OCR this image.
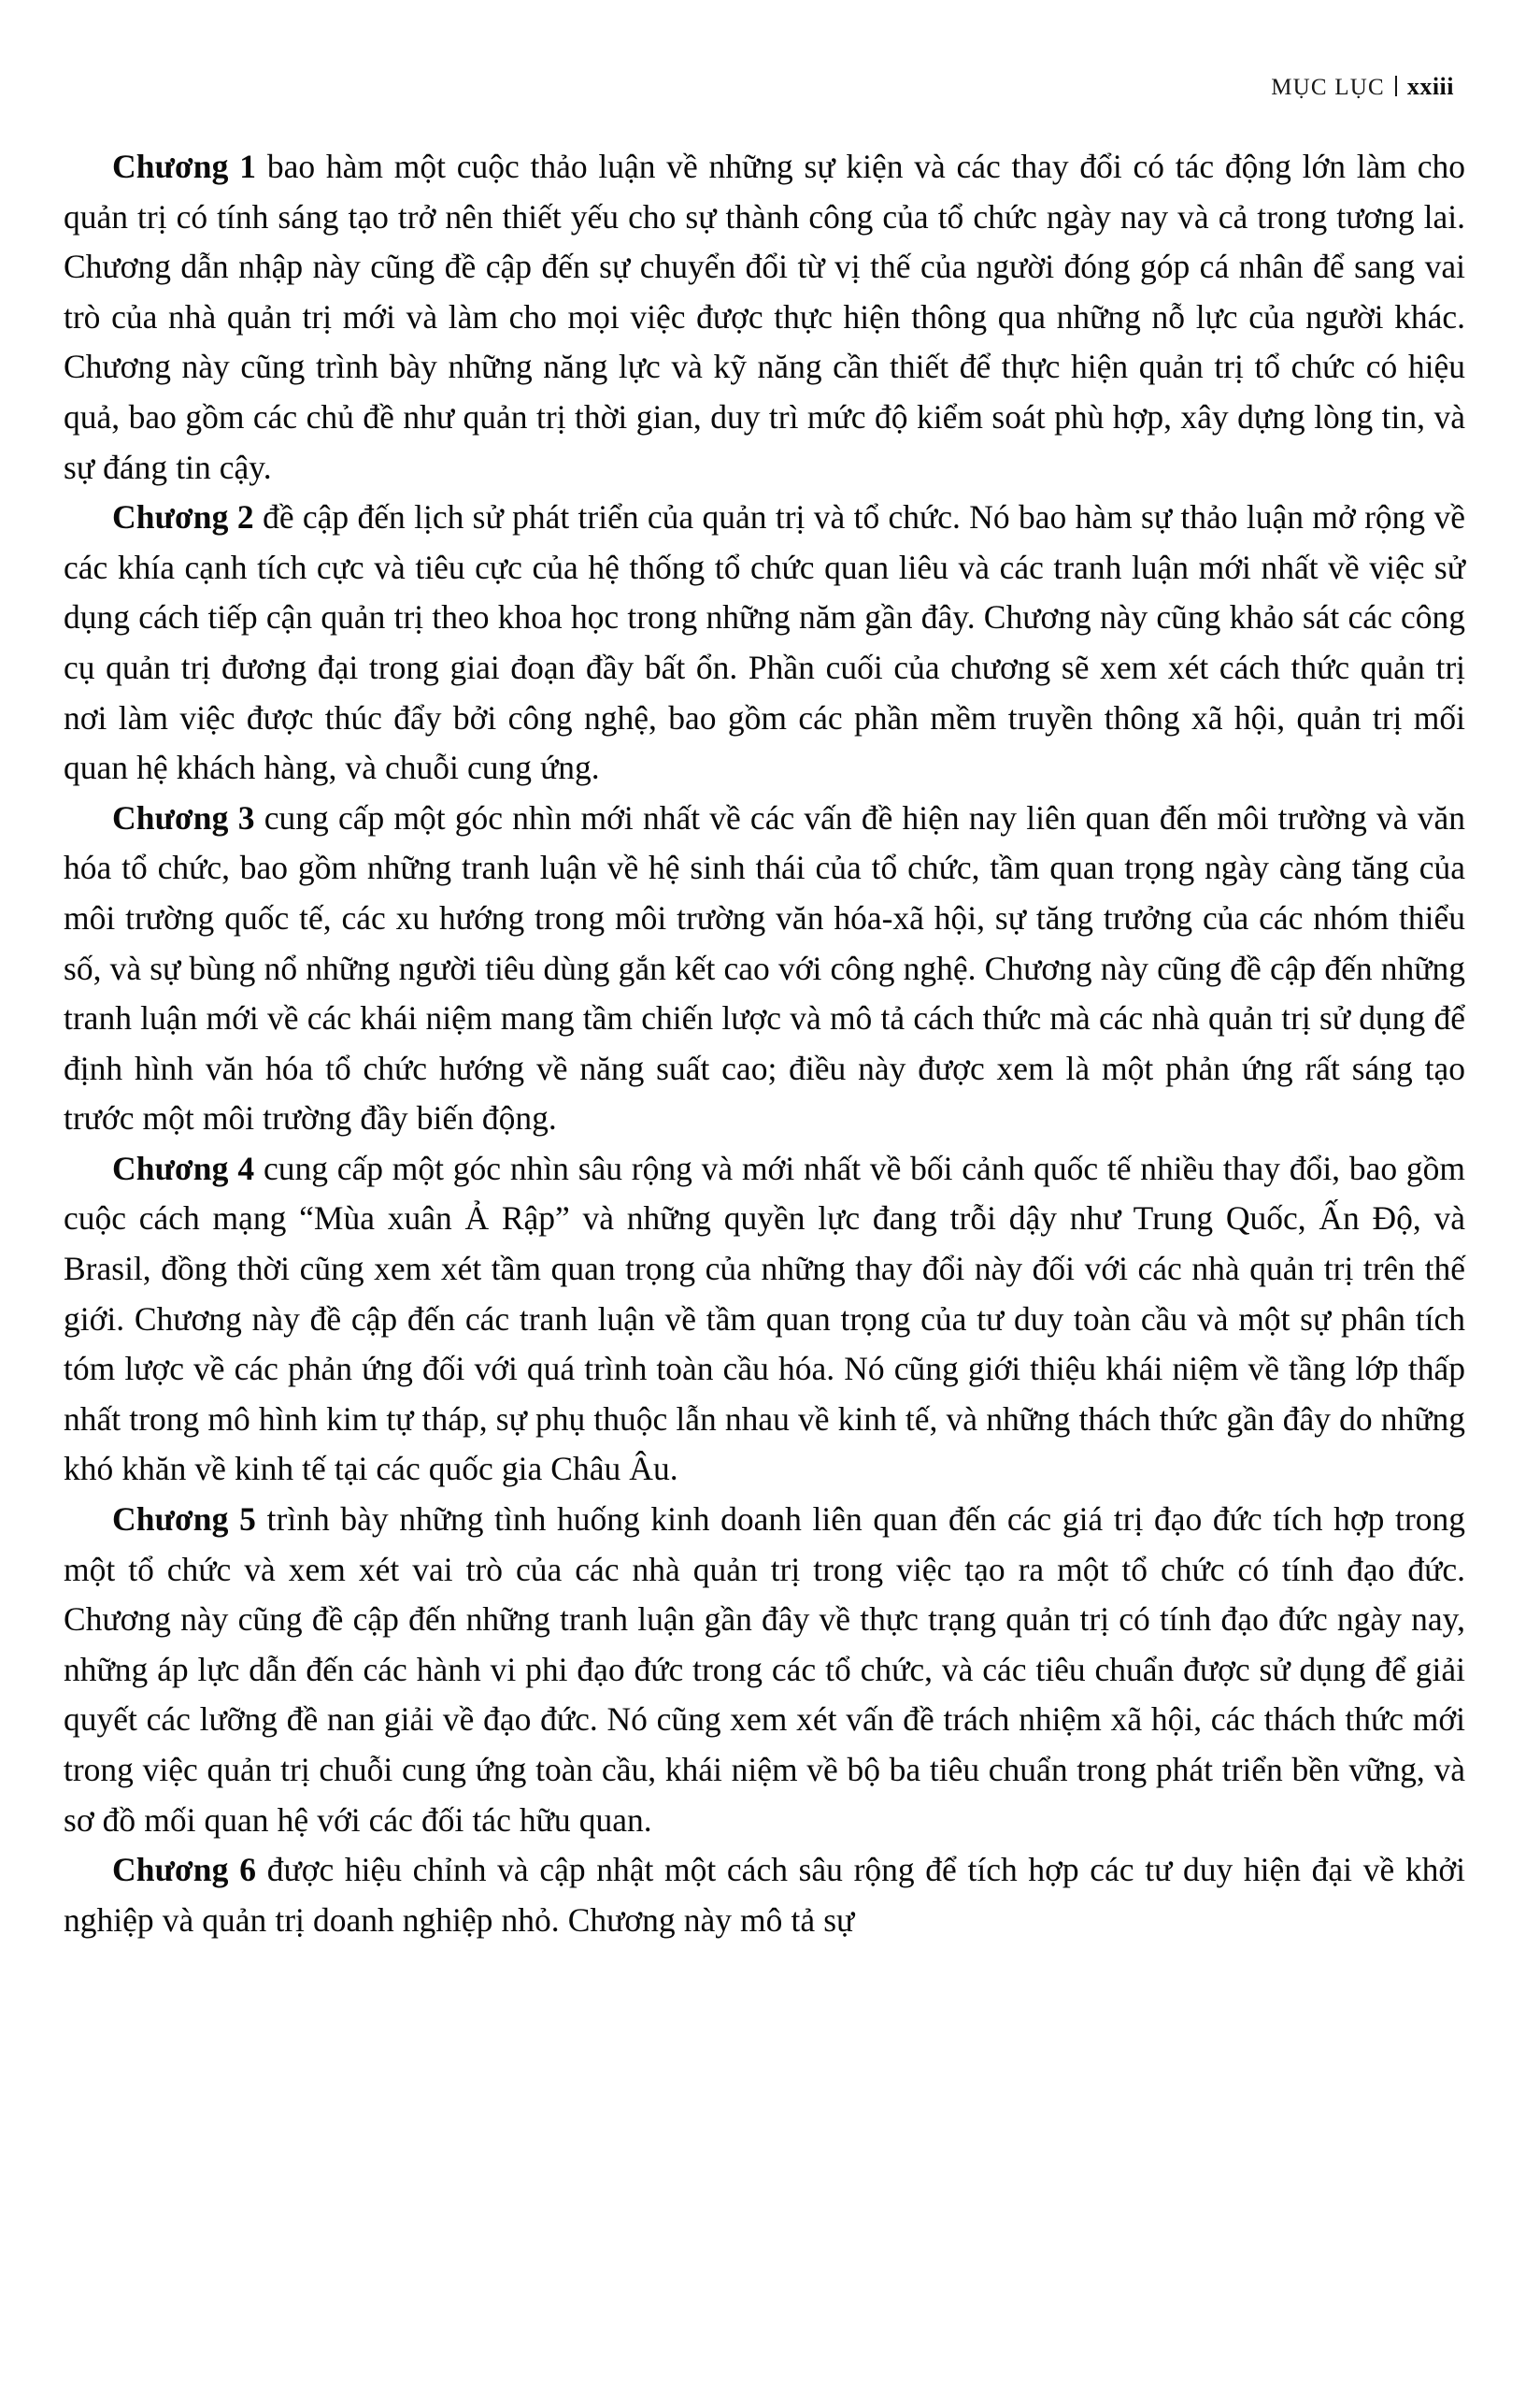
MỤC LỤC xxiii

Chương 1 bao hàm một cuộc thảo luận về những sự kiện và các thay đổi có tác động lớn làm cho quản trị có tính sáng tạo trở nên thiết yếu cho sự thành công của tổ chức ngày nay và cả trong tương lai. Chương dẫn nhập này cũng đề cập đến sự chuyển đổi từ vị thế của người đóng góp cá nhân để sang vai trò của nhà quản trị mới và làm cho mọi việc được thực hiện thông qua những nỗ lực của người khác. Chương này cũng trình bày những năng lực và kỹ năng cần thiết để thực hiện quản trị tổ chức có hiệu quả, bao gồm các chủ đề như quản trị thời gian, duy trì mức độ kiểm soát phù hợp, xây dựng lòng tin, và sự đáng tin cậy.

Chương 2 đề cập đến lịch sử phát triển của quản trị và tổ chức. Nó bao hàm sự thảo luận mở rộng về các khía cạnh tích cực và tiêu cực của hệ thống tổ chức quan liêu và các tranh luận mới nhất về việc sử dụng cách tiếp cận quản trị theo khoa học trong những năm gần đây. Chương này cũng khảo sát các công cụ quản trị đương đại trong giai đoạn đầy bất ổn. Phần cuối của chương sẽ xem xét cách thức quản trị nơi làm việc được thúc đẩy bởi công nghệ, bao gồm các phần mềm truyền thông xã hội, quản trị mối quan hệ khách hàng, và chuỗi cung ứng.

Chương 3 cung cấp một góc nhìn mới nhất về các vấn đề hiện nay liên quan đến môi trường và văn hóa tổ chức, bao gồm những tranh luận về hệ sinh thái của tổ chức, tầm quan trọng ngày càng tăng của môi trường quốc tế, các xu hướng trong môi trường văn hóa-xã hội, sự tăng trưởng của các nhóm thiểu số, và sự bùng nổ những người tiêu dùng gắn kết cao với công nghệ. Chương này cũng đề cập đến những tranh luận mới về các khái niệm mang tầm chiến lược và mô tả cách thức mà các nhà quản trị sử dụng để định hình văn hóa tổ chức hướng về năng suất cao; điều này được xem là một phản ứng rất sáng tạo trước một môi trường đầy biến động.

Chương 4 cung cấp một góc nhìn sâu rộng và mới nhất về bối cảnh quốc tế nhiều thay đổi, bao gồm cuộc cách mạng “Mùa xuân Ả Rập” và những quyền lực đang trỗi dậy như Trung Quốc, Ấn Độ, và Brasil, đồng thời cũng xem xét tầm quan trọng của những thay đổi này đối với các nhà quản trị trên thế giới. Chương này đề cập đến các tranh luận về tầm quan trọng của tư duy toàn cầu và một sự phân tích tóm lược về các phản ứng đối với quá trình toàn cầu hóa. Nó cũng giới thiệu khái niệm về tầng lớp thấp nhất trong mô hình kim tự tháp, sự phụ thuộc lẫn nhau về kinh tế, và những thách thức gần đây do những khó khăn về kinh tế tại các quốc gia Châu Âu.

Chương 5 trình bày những tình huống kinh doanh liên quan đến các giá trị đạo đức tích hợp trong một tổ chức và xem xét vai trò của các nhà quản trị trong việc tạo ra một tổ chức có tính đạo đức. Chương này cũng đề cập đến những tranh luận gần đây về thực trạng quản trị có tính đạo đức ngày nay, những áp lực dẫn đến các hành vi phi đạo đức trong các tổ chức, và các tiêu chuẩn được sử dụng để giải quyết các lưỡng đề nan giải về đạo đức. Nó cũng xem xét vấn đề trách nhiệm xã hội, các thách thức mới trong việc quản trị chuỗi cung ứng toàn cầu, khái niệm về bộ ba tiêu chuẩn trong phát triển bền vững, và sơ đồ mối quan hệ với các đối tác hữu quan.

Chương 6 được hiệu chỉnh và cập nhật một cách sâu rộng để tích hợp các tư duy hiện đại về khởi nghiệp và quản trị doanh nghiệp nhỏ. Chương này mô tả sự
